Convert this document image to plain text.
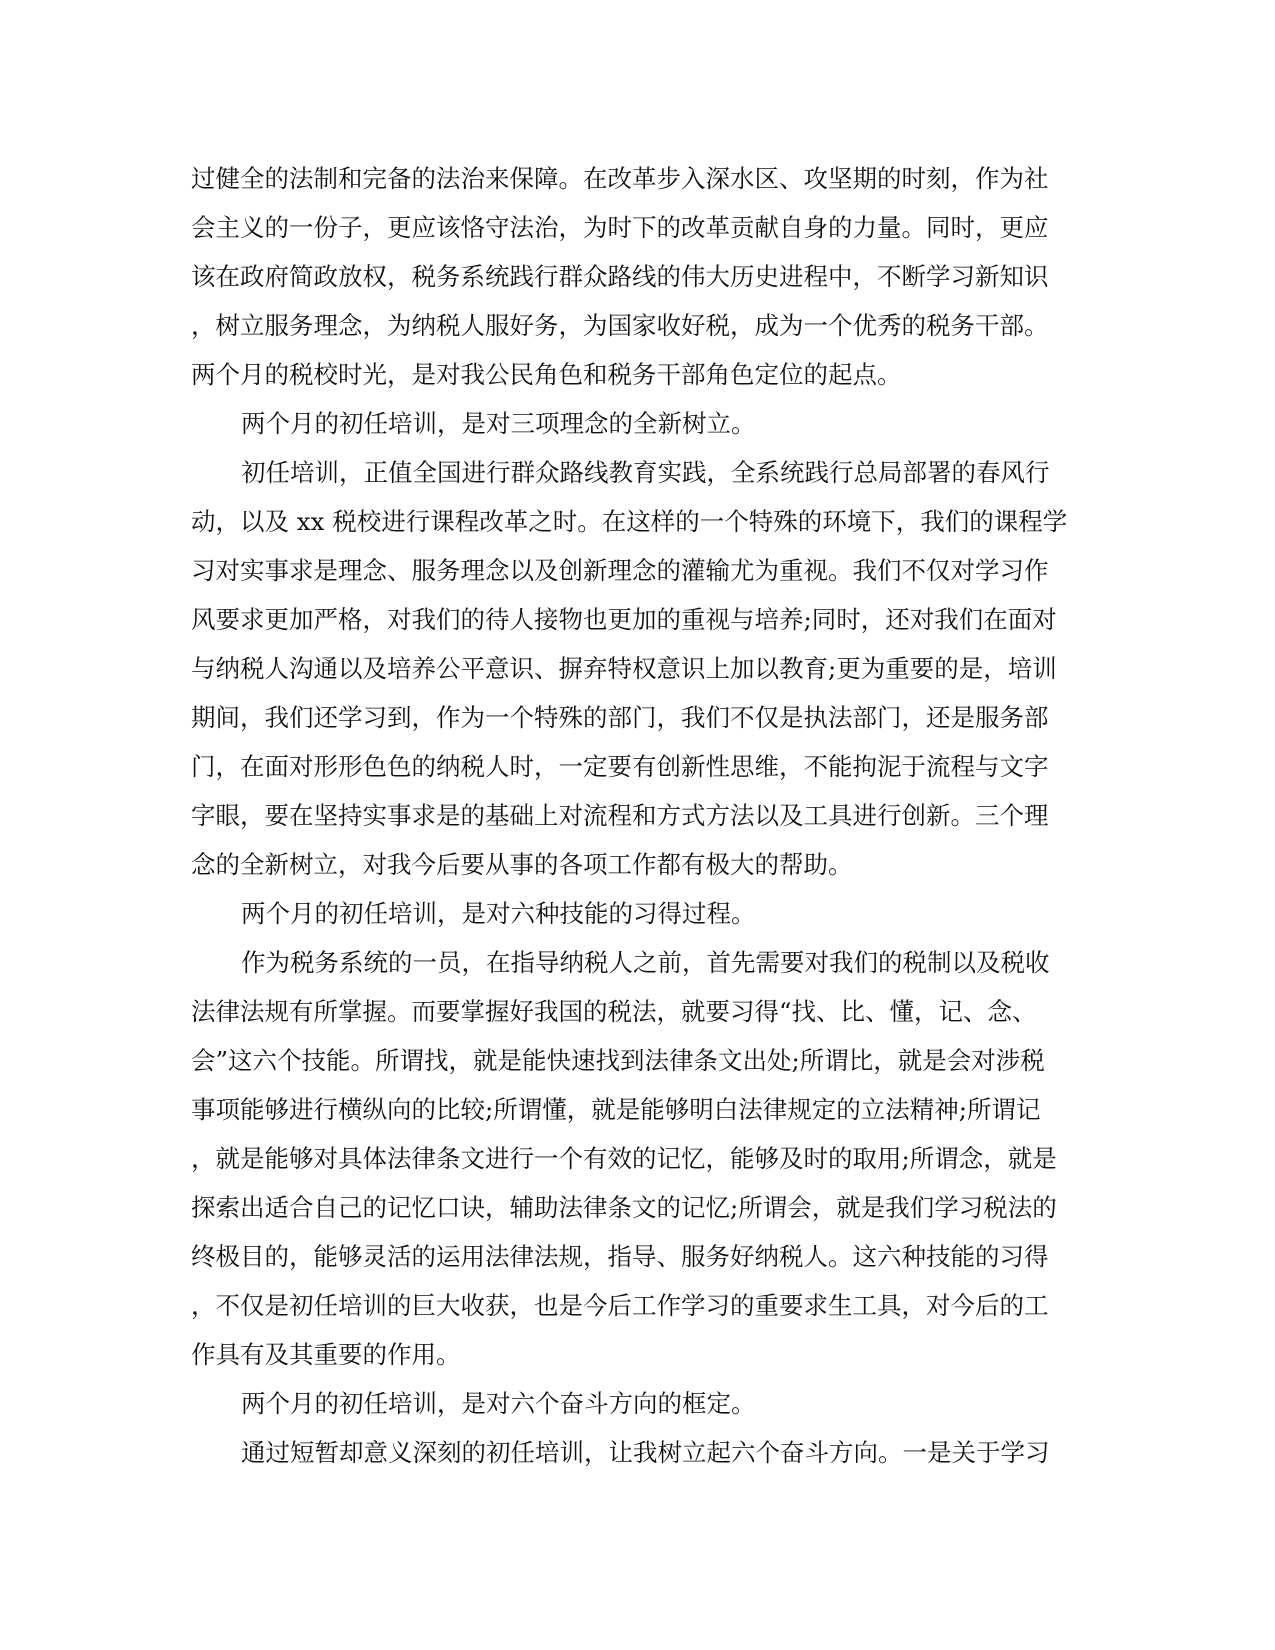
过健全的法制和完备的法治来保障。在改革步入深水区、攻坚期的时刻，作为社
会主义的一份子，更应该恪守法治，为时下的改革贡献自身的力量。同时，更应
该在政府简政放权，税务系统践行群众路线的伟大历史进程中，不断学习新知识
，树立服务理念，为纳税人服好务，为国家收好税，成为一个优秀的税务干部。
两个月的税校时光，是对我公民角色和税务干部角色定位的起点。
两个月的初任培训，是对三项理念的全新树立。
初任培训，正值全国进行群众路线教育实践，全系统践行总局部署的春风行
动，以及 xx 税校进行课程改革之时。在这样的一个特殊的环境下，我们的课程学
习对实事求是理念、服务理念以及创新理念的灌输尤为重视。我们不仅对学习作
风要求更加严格，对我们的待人接物也更加的重视与培养;同时，还对我们在面对
与纳税人沟通以及培养公平意识、摒弃特权意识上加以教育;更为重要的是，培训
期间，我们还学习到，作为一个特殊的部门，我们不仅是执法部门，还是服务部
门，在面对形形色色的纳税人时，一定要有创新性思维，不能拘泥于流程与文字
字眼，要在坚持实事求是的基础上对流程和方式方法以及工具进行创新。三个理
念的全新树立，对我今后要从事的各项工作都有极大的帮助。
两个月的初任培训，是对六种技能的习得过程。
作为税务系统的一员，在指导纳税人之前，首先需要对我们的税制以及税收
法律法规有所掌握。而要掌握好我国的税法，就要习得“找、比、懂，记、念、
会”这六个技能。所谓找，就是能快速找到法律条文出处;所谓比，就是会对涉税
事项能够进行横纵向的比较;所谓懂，就是能够明白法律规定的立法精神;所谓记
，就是能够对具体法律条文进行一个有效的记忆，能够及时的取用;所谓念，就是
探索出适合自己的记忆口诀，辅助法律条文的记忆;所谓会，就是我们学习税法的
终极目的，能够灵活的运用法律法规，指导、服务好纳税人。这六种技能的习得
，不仅是初任培训的巨大收获，也是今后工作学习的重要求生工具，对今后的工
作具有及其重要的作用。
两个月的初任培训，是对六个奋斗方向的框定。
通过短暂却意义深刻的初任培训，让我树立起六个奋斗方向。一是关于学习
